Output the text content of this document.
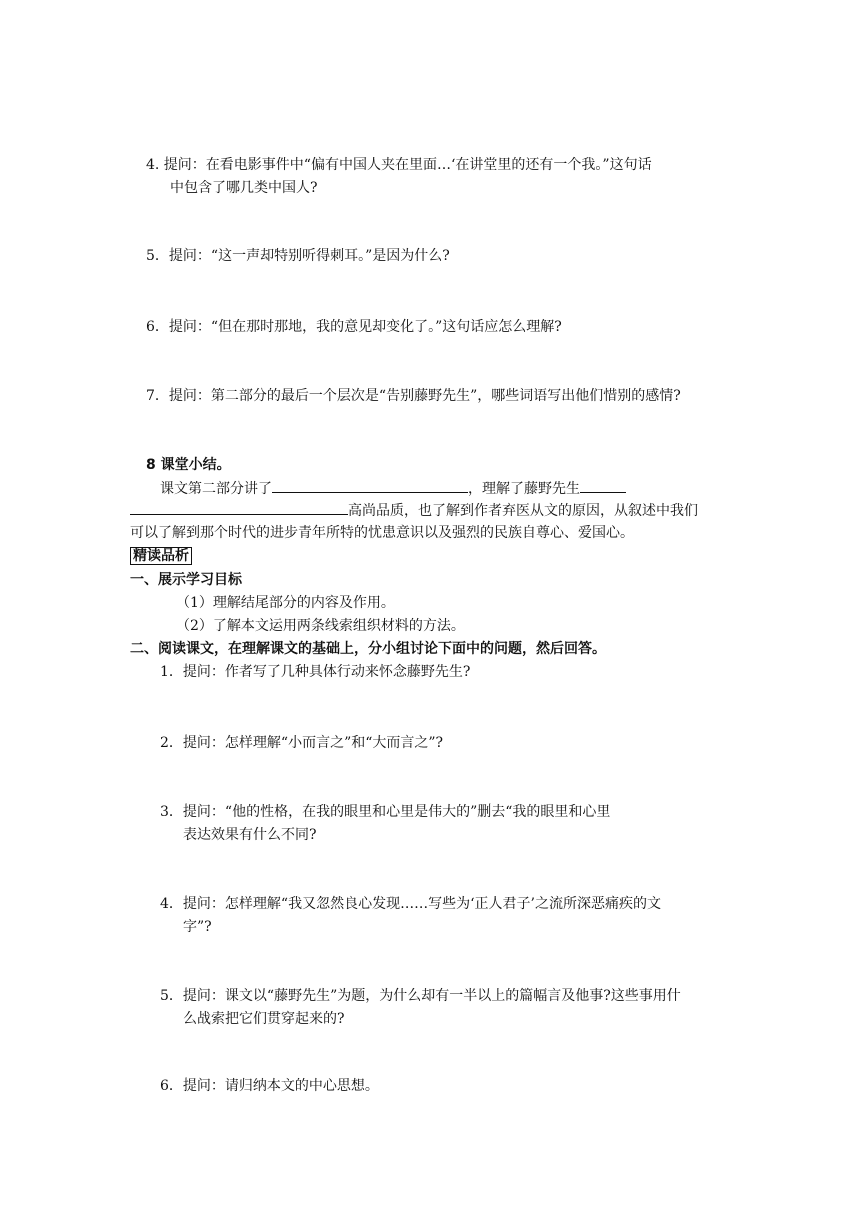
4. 提问：在看电影事件中“偏有中国人夹在里面…‘在讲堂里的还有一个我。”这句话
中包含了哪几类中国人?
5．提问：“这一声却特别听得刺耳。”是因为什么?
6．提问：“但在那时那地，我的意见却变化了。”这句话应怎么理解?
7．提问：第二部分的最后一个层次是“告别藤野先生”，哪些词语写出他们惜别的感情?
8 课堂小结。
课文第二部分讲了	，理解了藤野先生
高尚品质，也了解到作者弃医从文的原因，从叙述中我们
可以了解到那个时代的进步青年所特的忧患意识以及强烈的民族自尊心、爱国心。
精读品析
一、展示学习目标
（1）理解结尾部分的内容及作用。
（2）了解本文运用两条线索组织材料的方法。
二、阅读课文，在理解课文的基础上，分小组讨论下面中的问题，然后回答。
1．提问：作者写了几种具体行动来怀念藤野先生?
2．提问：怎样理解“小而言之”和“大而言之”?
3．提问：“他的性格，在我的眼里和心里是伟大的”删去“我的眼里和心里
表达效果有什么不同?
4．提问：怎样理解“我又忽然良心发现……写些为‘正人君子’之流所深恶痛疾的文
字”?
5．提问：课文以“藤野先生”为题，为什么却有一半以上的篇幅言及他事?这些事用什
么战索把它们贯穿起来的?
6．提问：请归纳本文的中心思想。
